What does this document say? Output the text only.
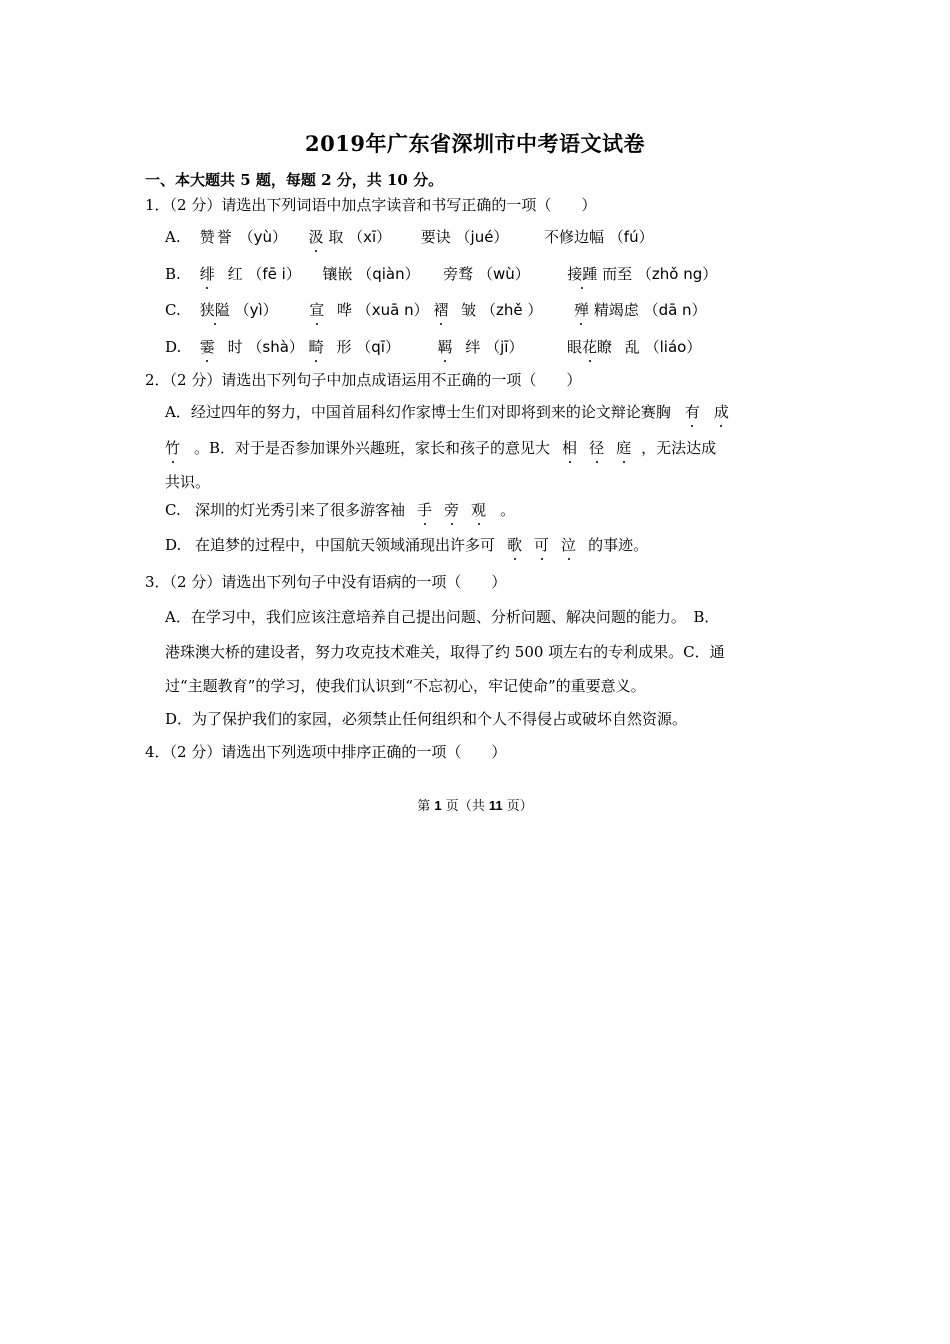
2019年广东省深圳市中考语文试卷
一、本大题共 5 题，每题 2 分，共 10 分。
1．（2 分）请选出下列词语中加点字读音和书写正确的一项（　　）
A. 赞誉 （yù） 汲 取 （xī） 要诀 （jué） 不修边幅 （fú）
B. 绯 红 （fē i） 镶嵌 （qiàn） 旁骛 （wù）	接踵 而至 （zhǒ ng）
C. 狭隘 （yì） 宣 哗 （xuā n） 褶 皱 （zhě ） 殚 精竭虑 （dā n）
D. 霎 时 （shà） 畸 形 （qī）	羁 绊 （jī）	眼花瞭 乱 （liáo）
2．（2 分）请选出下列句子中加点成语运用不正确的一项（　　）
A．经过四年的努力，中国首届科幻作家博士生们对即将到来的论文辩论赛胸 有 成
竹 。B．对于是否参加课外兴趣班，家长和孩子的意见大 相 径 庭 ，无法达成
共识。
C. 深圳的灯光秀引来了很多游客袖 手 旁 观 。
D. 在追梦的过程中，中国航天领域涌现出许多可 歌 可 泣 的事迹。
3．（2 分）请选出下列句子中没有语病的一项（　　）
A．在学习中，我们应该注意培养自己提出问题、分析问题、解决问题的能力。　B．
港珠澳大桥的建设者，努力攻克技术难关，取得了约 500 项左右的专利成果。C．通
过“主题教育”的学习，使我们认识到“不忘初心，牢记使命”的重要意义。
D．为了保护我们的家园，必须禁止任何组织和个人不得侵占或破坏自然资源。
4．（2 分）请选出下列选项中排序正确的一项（　　）
第 1 页（共 11 页）
